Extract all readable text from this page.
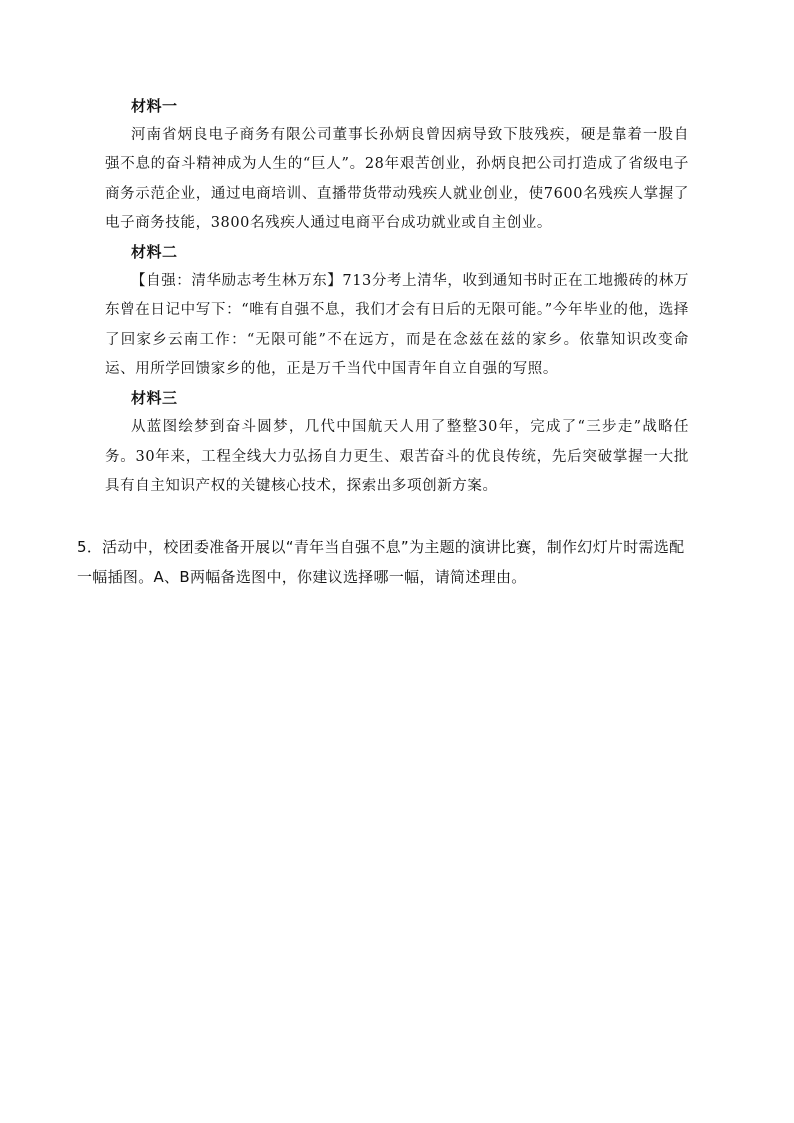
材料一

河南省炳良电子商务有限公司董事长孙炳良曾因病导致下肢残疾，硬是靠着一股自强不息的奋斗精神成为人生的“巨人”。28年艰苦创业，孙炳良把公司打造成了省级电子商务示范企业，通过电商培训、直播带货带动残疾人就业创业，使7600名残疾人掌握了电子商务技能，3800名残疾人通过电商平台成功就业或自主创业。

材料二

【自强：清华励志考生林万东】713分考上清华，收到通知书时正在工地搬砖的林万东曾在日记中写下：“唯有自强不息，我们才会有日后的无限可能。”今年毕业的他，选择了回家乡云南工作：“无限可能”不在远方，而是在念兹在兹的家乡。依靠知识改变命运、用所学回馈家乡的他，正是万千当代中国青年自立自强的写照。

材料三

从蓝图绘梦到奋斗圆梦，几代中国航天人用了整整30年，完成了“三步走”战略任务。30年来，工程全线大力弘扬自力更生、艰苦奋斗的优良传统，先后突破掌握一大批具有自主知识产权的关键核心技术，探索出多项创新方案。

5．活动中，校团委准备开展以“青年当自强不息”为主题的演讲比赛，制作幻灯片时需选配一幅插图。A、B两幅备选图中，你建议选择哪一幅，请简述理由。
